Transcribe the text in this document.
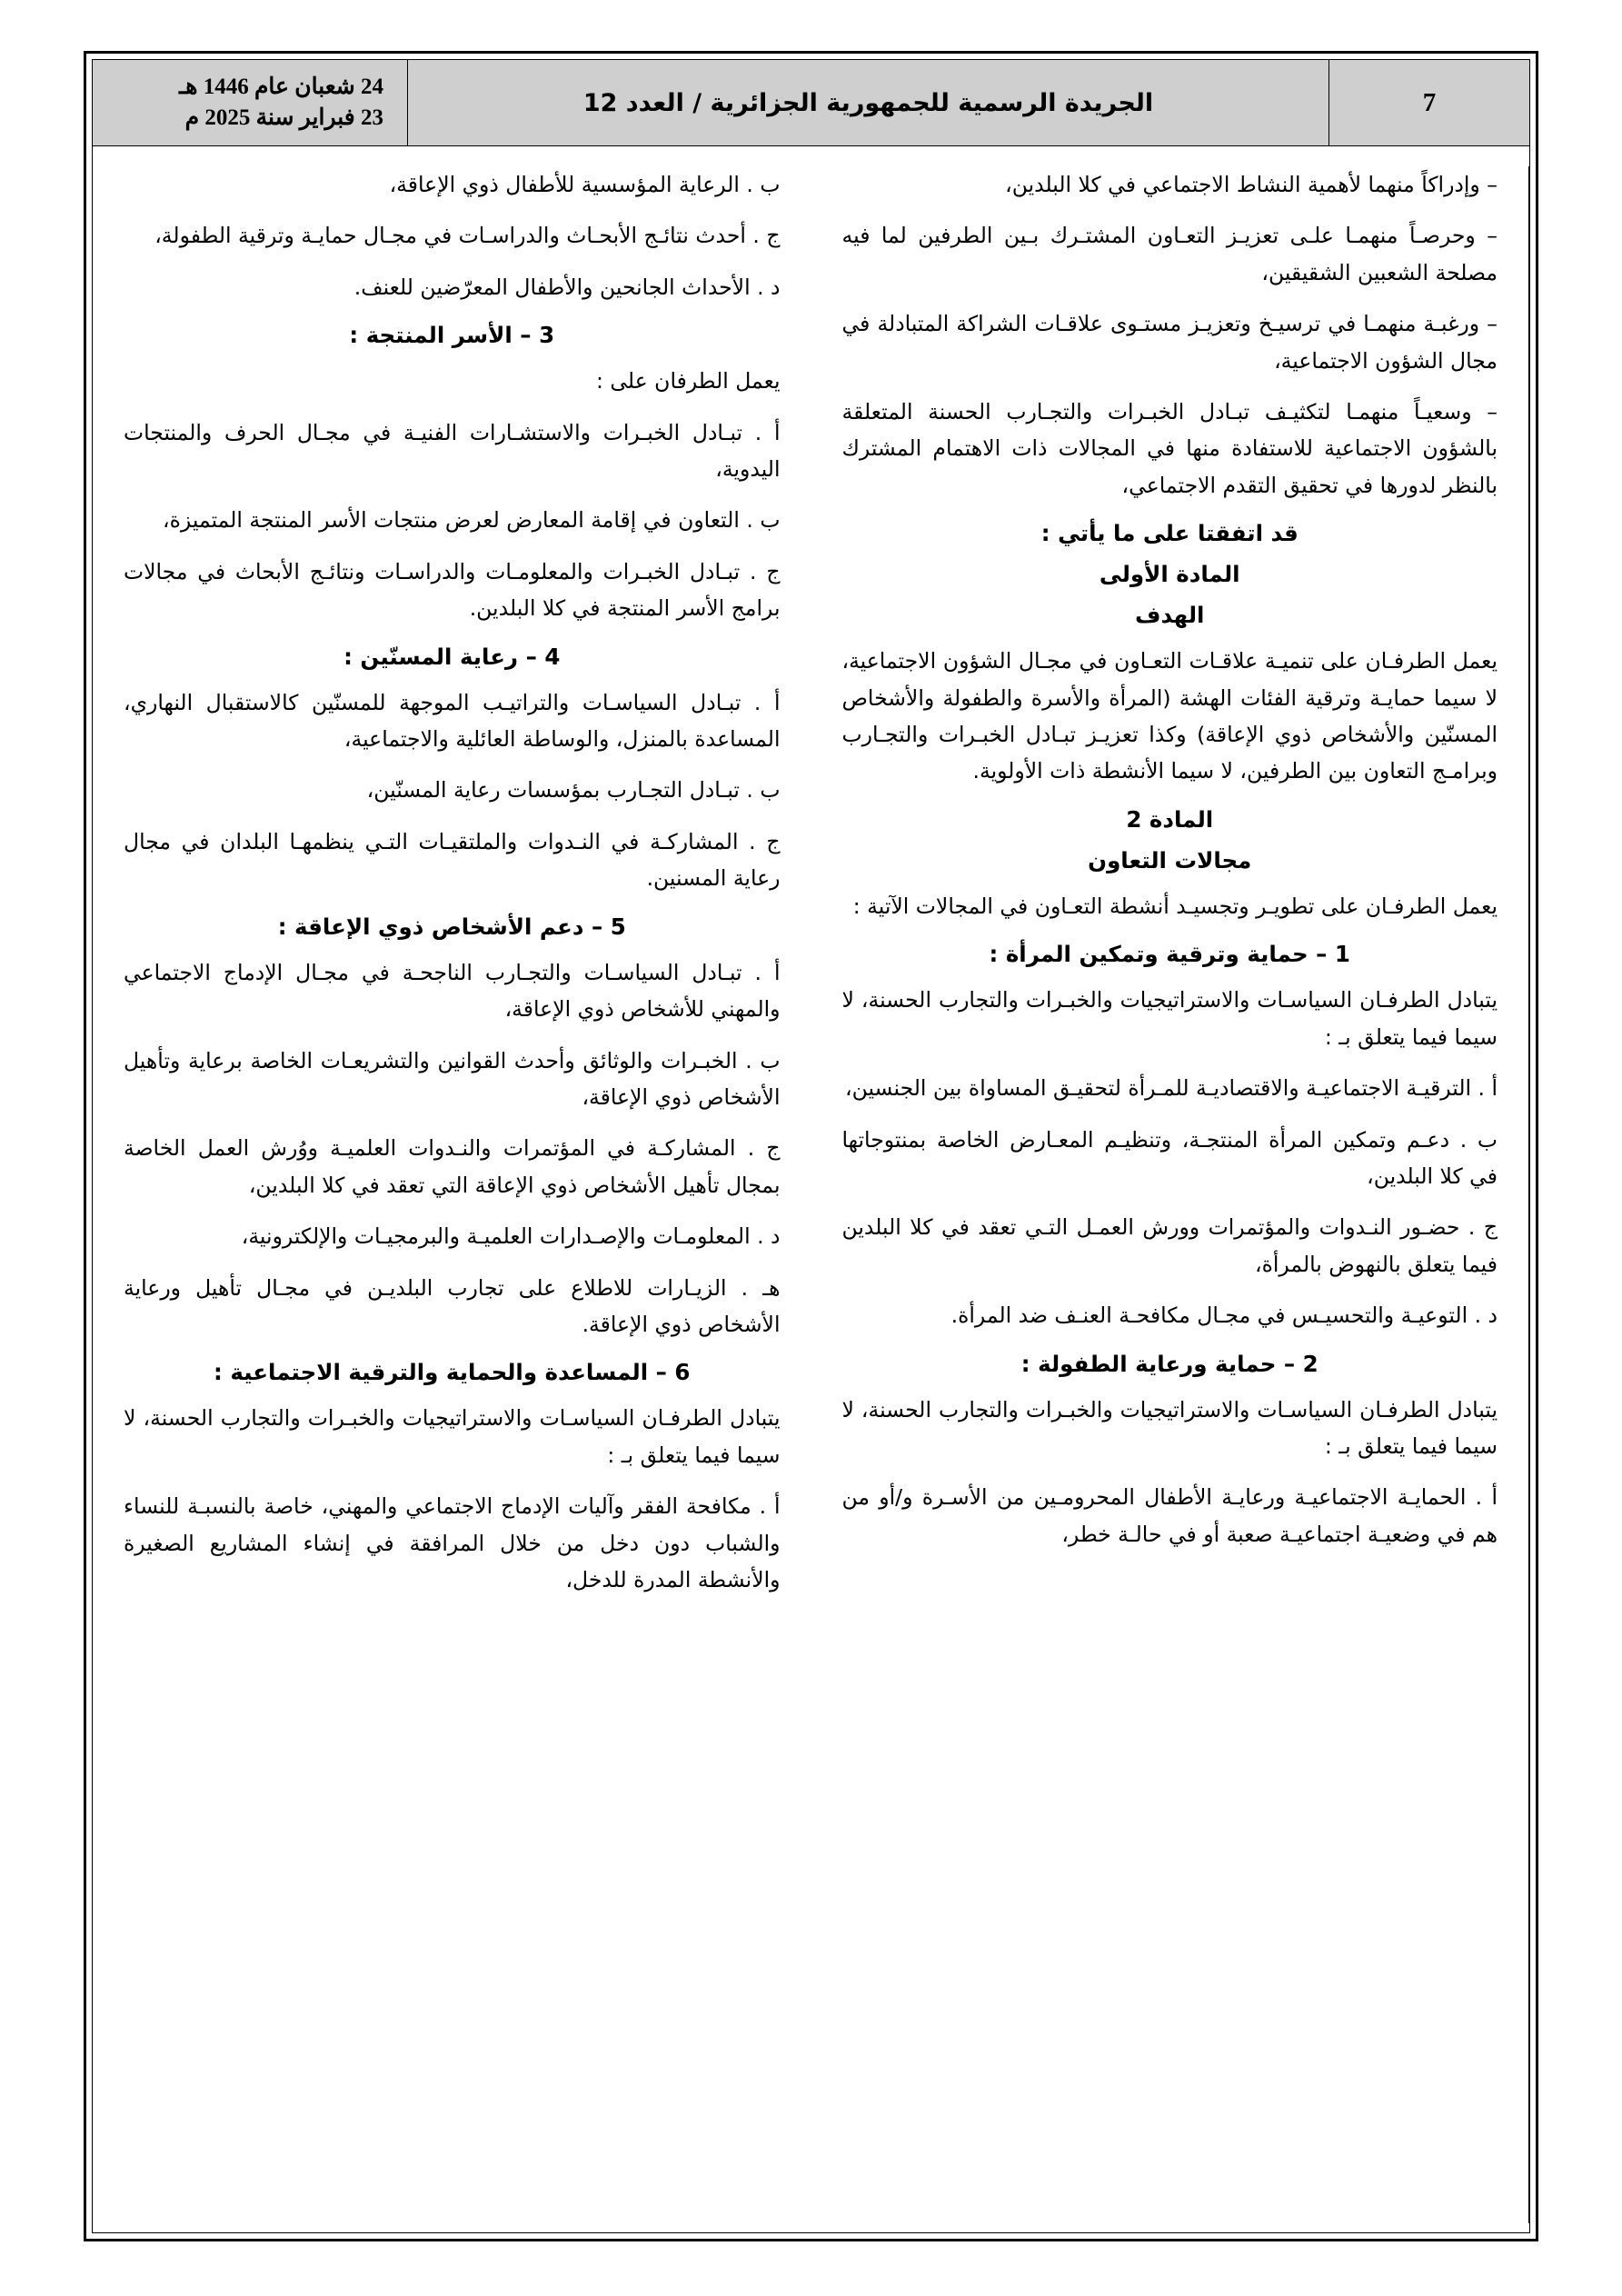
7
الجريدة الرسمية للجمهورية الجزائرية / العدد 12
24 شعبان عام 1446 هـ
23 فبراير سنة 2025 م

– وإدراكاً منهما لأهمية النشاط الاجتماعي في كلا البلدين،

– وحرصـاً منهمـا علـى تعزيـز التعـاون المشتـرك بـين الطرفين لما فيه مصلحة الشعبين الشقيقين،

– ورغبـة منهمـا في ترسيـخ وتعزيـز مستـوى علاقـات الشراكة المتبادلة في مجال الشؤون الاجتماعية،

– وسعيـاً منهمـا لتكثيـف تبـادل الخبـرات والتجـارب الحسنة المتعلقة بالشؤون الاجتماعية للاستفادة منها في المجالات ذات الاهتمام المشترك بالنظر لدورها في تحقيق التقدم الاجتماعي،

قد اتفقتا على ما يأتي :
المادة الأولى
الهدف

يعمل الطرفـان على تنميـة علاقـات التعـاون في مجـال الشؤون الاجتماعية، لا سيما حمايـة وترقية الفئات الهشة (المرأة والأسرة والطفولة والأشخاص المسنّين والأشخاص ذوي الإعاقة) وكذا تعزيـز تبـادل الخبـرات والتجـارب وبرامـج التعاون بين الطرفين، لا سيما الأنشطة ذات الأولوية.

المادة 2
مجالات التعاون

يعمل الطرفـان على تطويـر وتجسيـد أنشطة التعـاون في المجالات الآتية :

1 – حماية وترقية وتمكين المرأة :

يتبادل الطرفـان السياسـات والاستراتيجيات والخبـرات والتجارب الحسنة، لا سيما فيما يتعلق بـ :

أ . الترقيـة الاجتماعيـة والاقتصاديـة للمـرأة لتحقيـق المساواة بين الجنسين،

ب . دعـم وتمكين المرأة المنتجـة، وتنظيـم المعـارض الخاصة بمنتوجاتها في كلا البلدين،

ج . حضـور النـدوات والمؤتمرات وورش العمـل التـي تعقد في كلا البلدين فيما يتعلق بالنهوض بالمرأة،

د . التوعيـة والتحسيـس في مجـال مكافحـة العنـف ضد المرأة.

2 – حماية ورعاية الطفولة :

يتبادل الطرفـان السياسـات والاستراتيجيات والخبـرات والتجارب الحسنة، لا سيما فيما يتعلق بـ :

أ . الحمايـة الاجتماعيـة ورعايـة الأطفال المحرومـين من الأسـرة و/أو من هم في وضعيـة اجتماعيـة صعبة أو في حالـة خطر،

ب . الرعاية المؤسسية للأطفال ذوي الإعاقة،

ج . أحدث نتائـج الأبحـاث والدراسـات في مجـال حمايـة وترقية الطفولة،

د . الأحداث الجانحين والأطفال المعرّضين للعنف.

3 – الأسر المنتجة :

يعمل الطرفان على :

أ . تبـادل الخبـرات والاستشـارات الفنيـة في مجـال الحرف والمنتجات اليدوية،

ب . التعاون في إقامة المعارض لعرض منتجات الأسر المنتجة المتميزة،

ج . تبـادل الخبـرات والمعلومـات والدراسـات ونتائـج الأبحاث في مجالات برامج الأسر المنتجة في كلا البلدين.

4 – رعاية المسنّين :

أ . تبـادل السياسـات والتراتيـب الموجهة للمسنّين كالاستقبال النهاري، المساعدة بالمنزل، والوساطة العائلية والاجتماعية،

ب . تبـادل التجـارب بمؤسسات رعاية المسنّين،

ج . المشاركـة في النـدوات والملتقيـات التـي ينظمهـا البلدان في مجال رعاية المسنين.

5 – دعم الأشخاص ذوي الإعاقة :

أ . تبـادل السياسـات والتجـارب الناجحـة في مجـال الإدماج الاجتماعي والمهني للأشخاص ذوي الإعاقة،

ب . الخبـرات والوثائق وأحدث القوانين والتشريعـات الخاصة برعاية وتأهيل الأشخاص ذوي الإعاقة،

ج . المشاركـة في المؤتمرات والنـدوات العلميـة ووُرش العمل الخاصة بمجال تأهيل الأشخاص ذوي الإعاقة التي تعقد في كلا البلدين،

د . المعلومـات والإصـدارات العلميـة والبرمجيـات والإلكترونية،

هـ . الزيـارات للاطلاع على تجارب البلديـن في مجـال تأهيل ورعاية الأشخاص ذوي الإعاقة.

6 – المساعدة والحماية والترقية الاجتماعية :

يتبادل الطرفـان السياسـات والاستراتيجيات والخبـرات والتجارب الحسنة، لا سيما فيما يتعلق بـ :

أ . مكافحة الفقر وآليات الإدماج الاجتماعي والمهني، خاصة بالنسبـة للنساء والشباب دون دخل من خلال المرافقة في إنشاء المشاريع الصغيرة والأنشطة المدرة للدخل،
